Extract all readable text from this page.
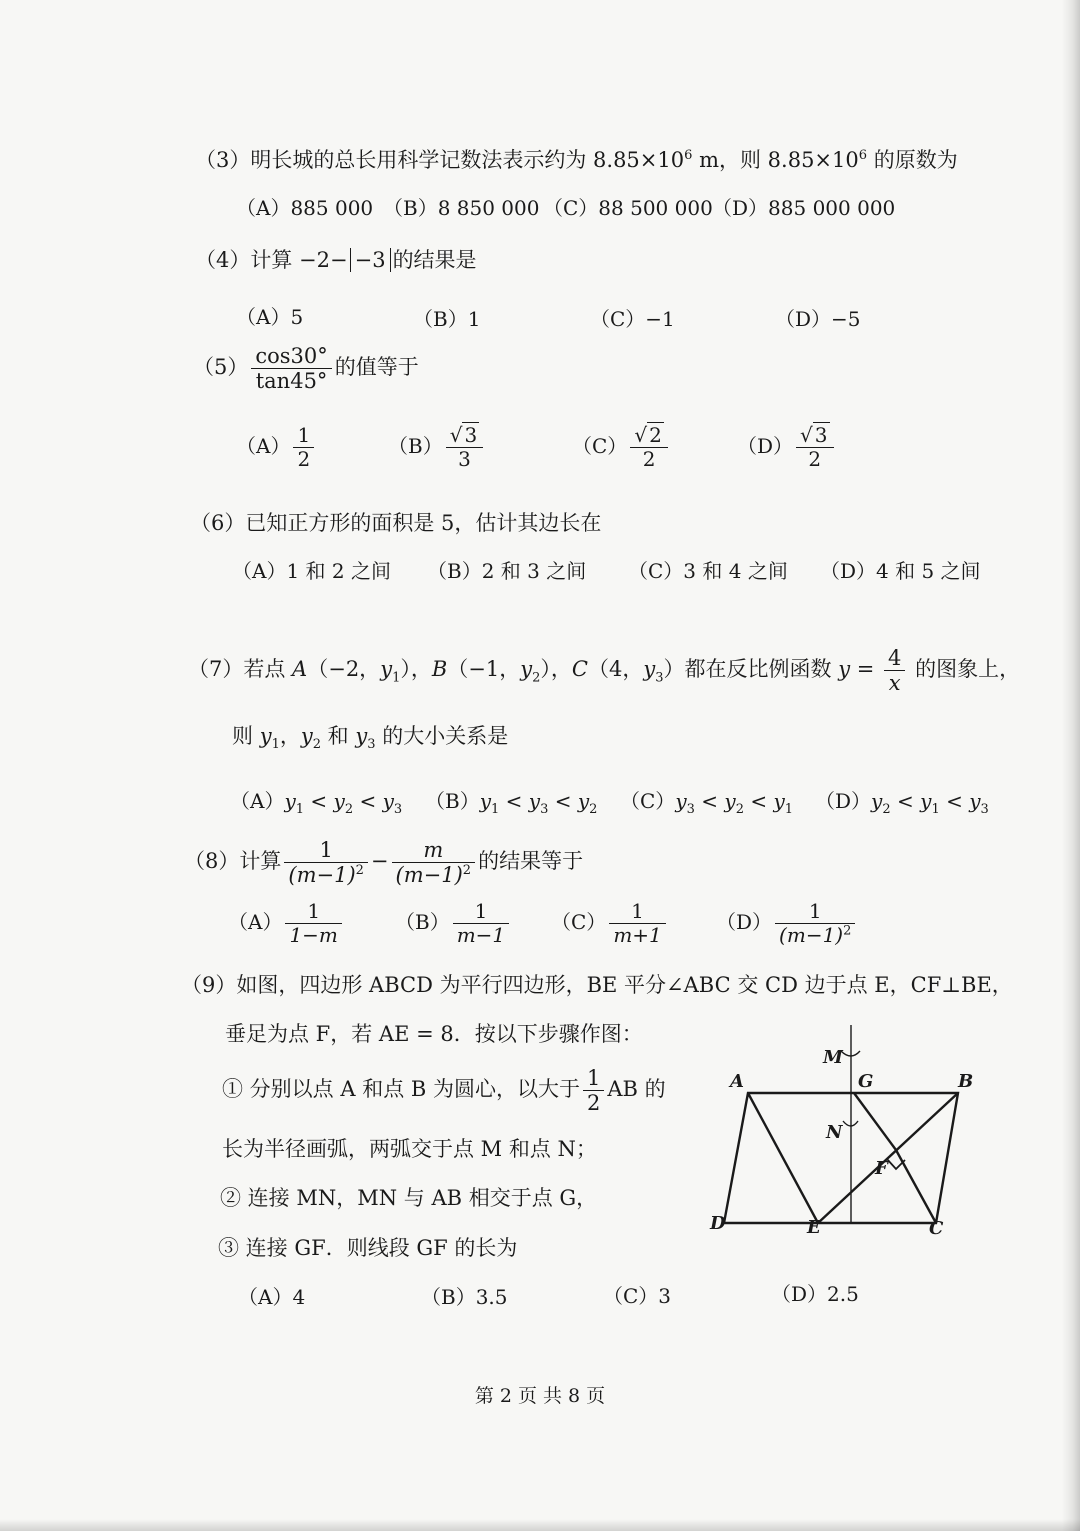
（3）明长城的总长用科学记数法表示约为 $8.85\times 10^6$ m，则 $8.85\times 10^6$ 的原数为
（A）885 000 （B）8 850 000 （C）88 500 000 （D）885 000 000
（4）计算 −2− −3 的结果是
（A）5	（B）1	（C）−1	（D）−5
$(5) \frac{\cos 30^\circ}{\tan 45^\circ}$ 的值等于
$(A) \frac{1}{2}$	$(B) \frac{√ 3}{3}$	$(C) \frac{√ 2}{2}$	$(D) \frac{√ 3}{2}$
（6）已知正方形的面积是 5，估计其边长在
（A）1 和 2 之间 （B）2 和 3 之间 （C）3 和 4 之间 （D）4 和 5 之间
（7）若点 A（−2，$y_1$），B（−1，$y_2$），C（4，$y_3$）都在反比例函数 $y = \frac{4}{x}$ 的图象上，
则 $y_1$，$y_2$ 和 $y_3$ 的大小关系是
$(A)y_1 < y_2 < y_3$ $(B)y_1 < y_3 < y_2$ $(C)y_3 < y_2 < y_1$ $(D)y_2 < y_1 < y_3$
（8）计算 $\frac{1}{(m-1)^2} - \frac{m}{(m-1)^2}$ 的结果等于
$(A) \frac{1}{1-m}$	$(B) \frac{1}{m-1} (C) \frac{1}{m+1}$	$(D) \frac{1}{(m-1)^2}$
（9）如图，四边形 ABCD 为平行四边形，BE 平分∠ABC 交 CD 边于点 E，CF⊥BE，
垂足为点 F，若 AE = 8．按以下步骤作图：
① 分别以点 A 和点 B 为圆心，以大于 $\frac{1}{2}$ AB 的
长为半径画弧，两弧交于点 M 和点 N；
② 连接 MN，MN 与 AB 相交于点 G，
③ 连接 GF．则线段 GF 的长为
（A）4	（B）3.5	（C）3	（D）2.5
M
G
A	B
N
F
D	E	C
第 2 页 共 8 页
